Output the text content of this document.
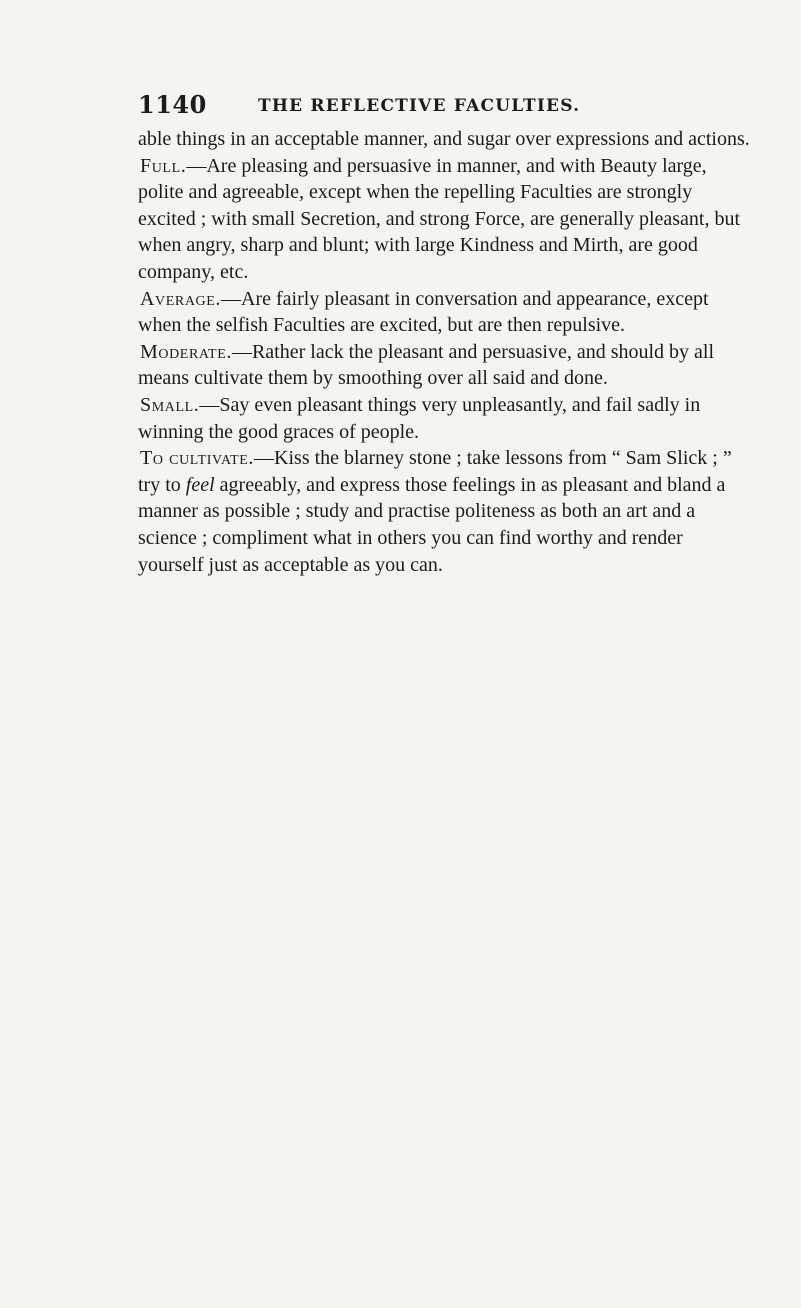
1140	THE REFLECTIVE FACULTIES.

able things in an acceptable manner, and sugar over expressions and actions.

Full.—Are pleasing and persuasive in manner, and with Beauty large, polite and agreeable, except when the repelling Faculties are strongly excited ; with small Secretion, and strong Force, are generally pleasant, but when angry, sharp and blunt; with large Kindness and Mirth, are good company, etc.

Average.—Are fairly pleasant in conversation and appearance, except when the selfish Faculties are excited, but are then repulsive.

Moderate.—Rather lack the pleasant and persuasive, and should by all means cultivate them by smoothing over all said and done.

Small.—Say even pleasant things very unpleasantly, and fail sadly in winning the good graces of people.

To cultivate.—Kiss the blarney stone ; take lessons from “ Sam Slick ; ” try to feel agreeably, and express those feelings in as pleasant and bland a manner as possible ; study and practise politeness as both an art and a science ; compliment what in others you can find worthy and render yourself just as acceptable as you can.
